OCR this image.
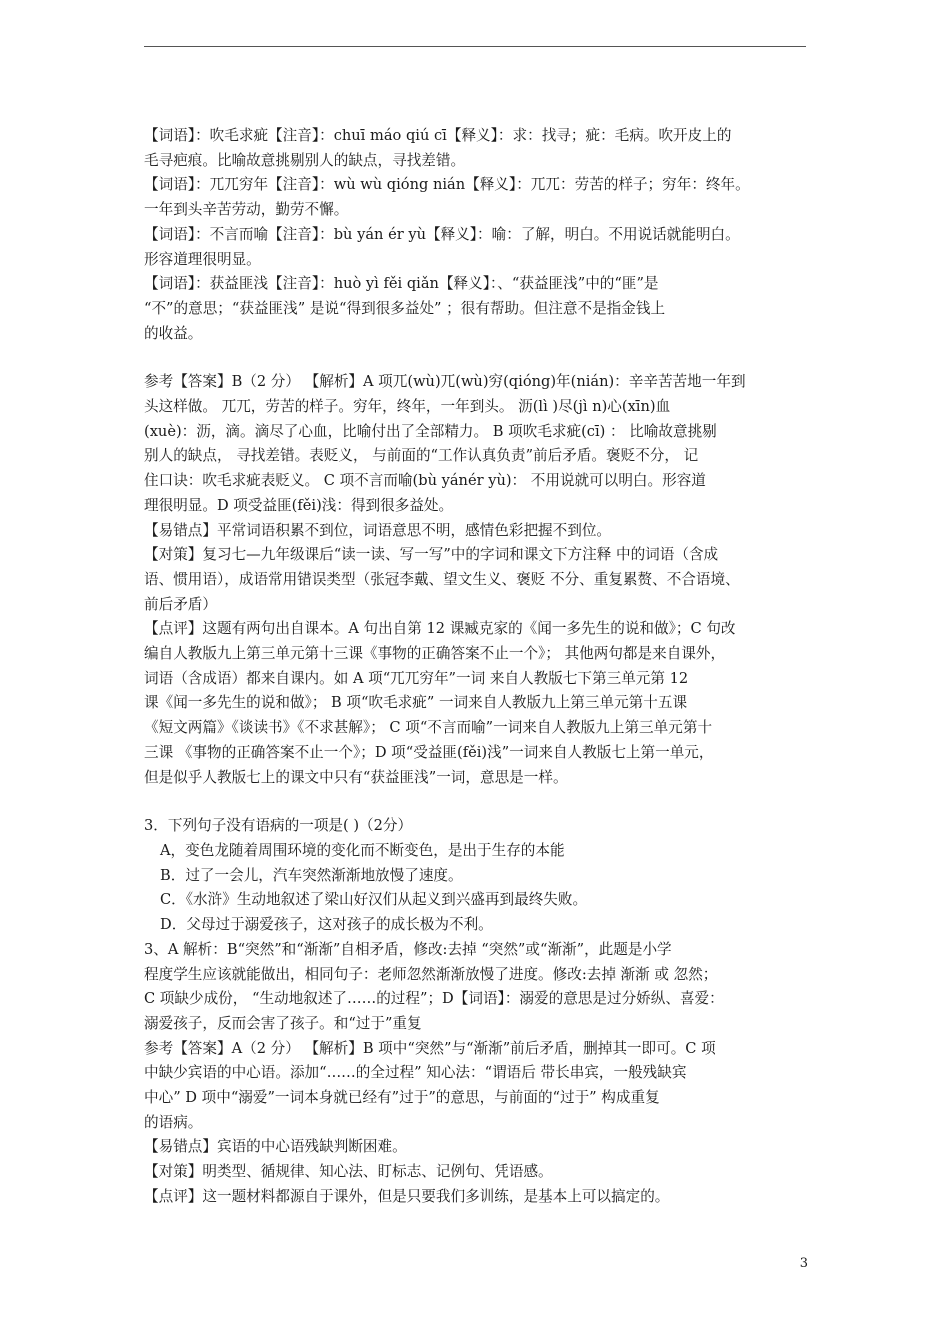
【词语】：吹毛求疵【注音】：chuī máo qiú cī【释义】：求：找寻；疵：毛病。吹开皮上的

毛寻疤痕。比喻故意挑剔别人的缺点，寻找差错。

【词语】：兀兀穷年【注音】：wù wù qióng nián【释义】：兀兀：劳苦的样子；穷年：终年。

一年到头辛苦劳动，勤劳不懈。

【词语】：不言而喻【注音】：bù yán ér yù【释义】：喻：了解，明白。不用说话就能明白。

形容道理很明显。

【词语】：获益匪浅【注音】：huò yì fěi qiǎn【释义】：、“获益匪浅”中的“匪”是

“不”的意思；“获益匪浅” 是说“得到很多益处” ；很有帮助。但注意不是指金钱上

的收益。

参考【答案】B（2 分） 【解析】A 项兀(wù)兀(wù)穷(qióng)年(nián)：辛辛苦苦地一年到

头这样做。 兀兀，劳苦的样子。穷年，终年，一年到头。 沥(lì )尽(jì n)心(xīn)血

(xuè)：沥，滴。滴尽了心血，比喻付出了全部精力。 B 项吹毛求疵(cī) ： 比喻故意挑剔

别人的缺点， 寻找差错。表贬义， 与前面的“工作认真负责”前后矛盾。褒贬不分， 记

住口诀：吹毛求疵表贬义。 C 项不言而喻(bù yánér yù)： 不用说就可以明白。形容道

理很明显。D 项受益匪(fěi)浅：得到很多益处。

【易错点】平常词语积累不到位，词语意思不明，感情色彩把握不到位。

【对策】复习七—九年级课后“读一读、写一写”中的字词和课文下方注释 中的词语（含成

语、惯用语），成语常用错误类型（张冠李戴、望文生义、褒贬 不分、重复累赘、不合语境、

前后矛盾）

【点评】这题有两句出自课本。A 句出自第 12 课臧克家的《闻一多先生的说和做》；C 句改

编自人教版九上第三单元第十三课《事物的正确答案不止一个》； 其他两句都是来自课外，

词语（含成语）都来自课内。如 A 项“兀兀穷年”一词 来自人教版七下第三单元第 12

课《闻一多先生的说和做》； B 项“吹毛求疵” 一词来自人教版九上第三单元第十五课

《短文两篇》《谈读书》《不求甚解》； C 项“不言而喻”一词来自人教版九上第三单元第十

三课 《事物的正确答案不止一个》；D 项“受益匪(fěi)浅”一词来自人教版七上第一单元，

但是似乎人教版七上的课文中只有“获益匪浅”一词，意思是一样。

3．下列句子没有语病的一项是( )（2分）

A，变色龙随着周围环境的变化而不断变色，是出于生存的本能

B．过了一会儿，汽车突然渐渐地放慢了速度。

C．《水浒》生动地叙述了梁山好汉们从起义到兴盛再到最终失败。

D．父母过于溺爱孩子，这对孩子的成长极为不利。

3、A 解析：B“突然”和“渐渐”自相矛盾，修改:去掉 “突然”或“渐渐”，此题是小学

程度学生应该就能做出，相同句子：老师忽然渐渐放慢了进度。修改:去掉 渐渐 或 忽然；

C 项缺少成份， “生动地叙述了……的过程”；D【词语】：溺爱的意思是过分娇纵、喜爱：

溺爱孩子，反而会害了孩子。和“过于”重复

参考【答案】A（2 分） 【解析】B 项中“突然”与“渐渐”前后矛盾，删掉其一即可。C 项

中缺少宾语的中心语。添加“……的全过程” 知心法：“谓语后 带长串宾，一般残缺宾

中心” D 项中“溺爱”一词本身就已经有”过于”的意思，与前面的“过于” 构成重复

的语病。

【易错点】宾语的中心语残缺判断困难。

【对策】明类型、循规律、知心法、盯标志、记例句、凭语感。

【点评】这一题材料都源自于课外，但是只要我们多训练，是基本上可以搞定的。

3
